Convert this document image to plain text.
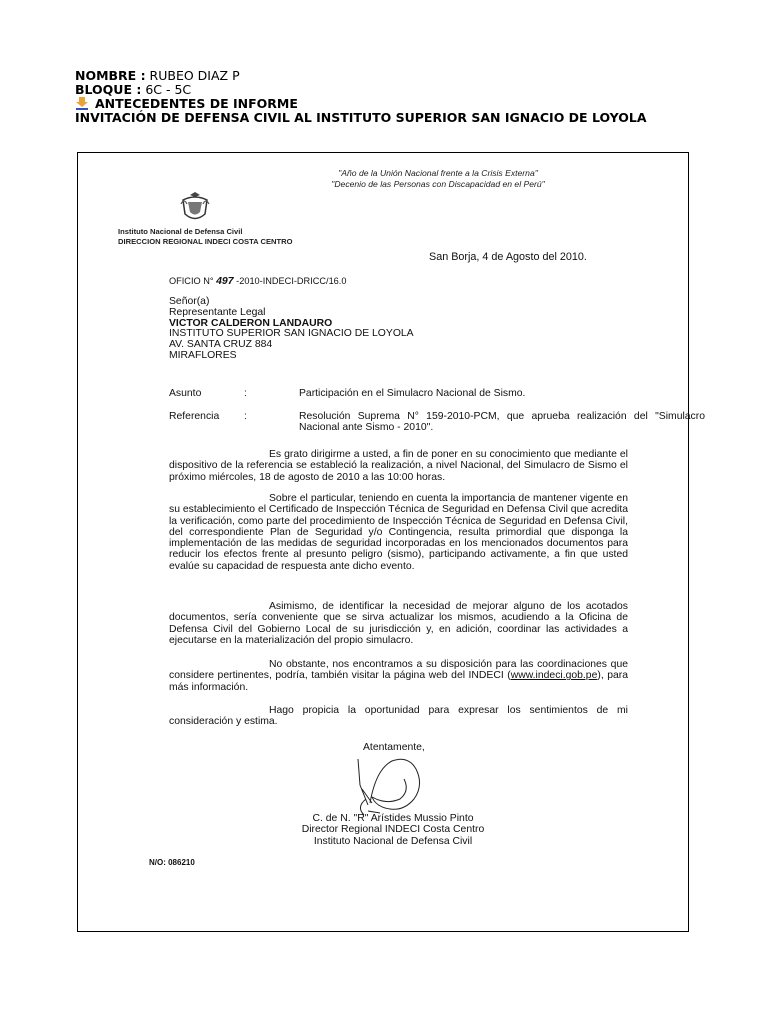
NOMBRE : RUBEO DIAZ P
BLOQUE : 6C - 5C
ANTECEDENTES DE INFORME
INVITACIÓN DE DEFENSA CIVIL AL INSTITUTO SUPERIOR SAN IGNACIO DE LOYOLA
"Año de la Unión Nacional frente a la Crisis Externa"
"Decenio de las Personas con Discapacidad en el Perú"
Instituto Nacional de Defensa Civil
DIRECCION REGIONAL INDECI COSTA CENTRO
San Borja, 4 de Agosto del 2010.
OFICIO N° 497 -2010-INDECI-DRICC/16.0
Señor(a)
Representante Legal
VICTOR CALDERON LANDAURO
INSTITUTO SUPERIOR SAN IGNACIO DE LOYOLA
AV. SANTA CRUZ 884
MIRAFLORES
Asunto	:	Participación en el Simulacro Nacional de Sismo.
Referencia	:	Resolución Suprema N° 159-2010-PCM, que aprueba realización del "Simulacro Nacional ante Sismo - 2010".
Es grato dirigirme a usted, a fin de poner en su conocimiento que mediante el dispositivo de la referencia se estableció la realización, a nivel Nacional, del Simulacro de Sismo el próximo miércoles, 18 de agosto de 2010 a las 10:00 horas.
Sobre el particular, teniendo en cuenta la importancia de mantener vigente en su establecimiento el Certificado de Inspección Técnica de Seguridad en Defensa Civil que acredita la verificación, como parte del procedimiento de Inspección Técnica de Seguridad en Defensa Civil, del correspondiente Plan de Seguridad y/o Contingencia, resulta primordial que disponga la implementación de las medidas de seguridad incorporadas en los mencionados documentos para reducir los efectos frente al presunto peligro (sismo), participando activamente, a fin que usted evalúe su capacidad de respuesta ante dicho evento.
Asimismo, de identificar la necesidad de mejorar alguno de los acotados documentos, sería conveniente que se sirva actualizar los mismos, acudiendo a la Oficina de Defensa Civil del Gobierno Local de su jurisdicción y, en adición, coordinar las actividades a ejecutarse en la materialización del propio simulacro.
No obstante, nos encontramos a su disposición para las coordinaciones que considere pertinentes, podría, también visitar la página web del INDECI (www.indeci.gob.pe), para más información.
Hago propicia la oportunidad para expresar los sentimientos de mi consideración y estima.
Atentamente,
C. de N. "R" Arístides Mussio Pinto
Director Regional INDECI Costa Centro
Instituto Nacional de Defensa Civil
N/O: 086210
